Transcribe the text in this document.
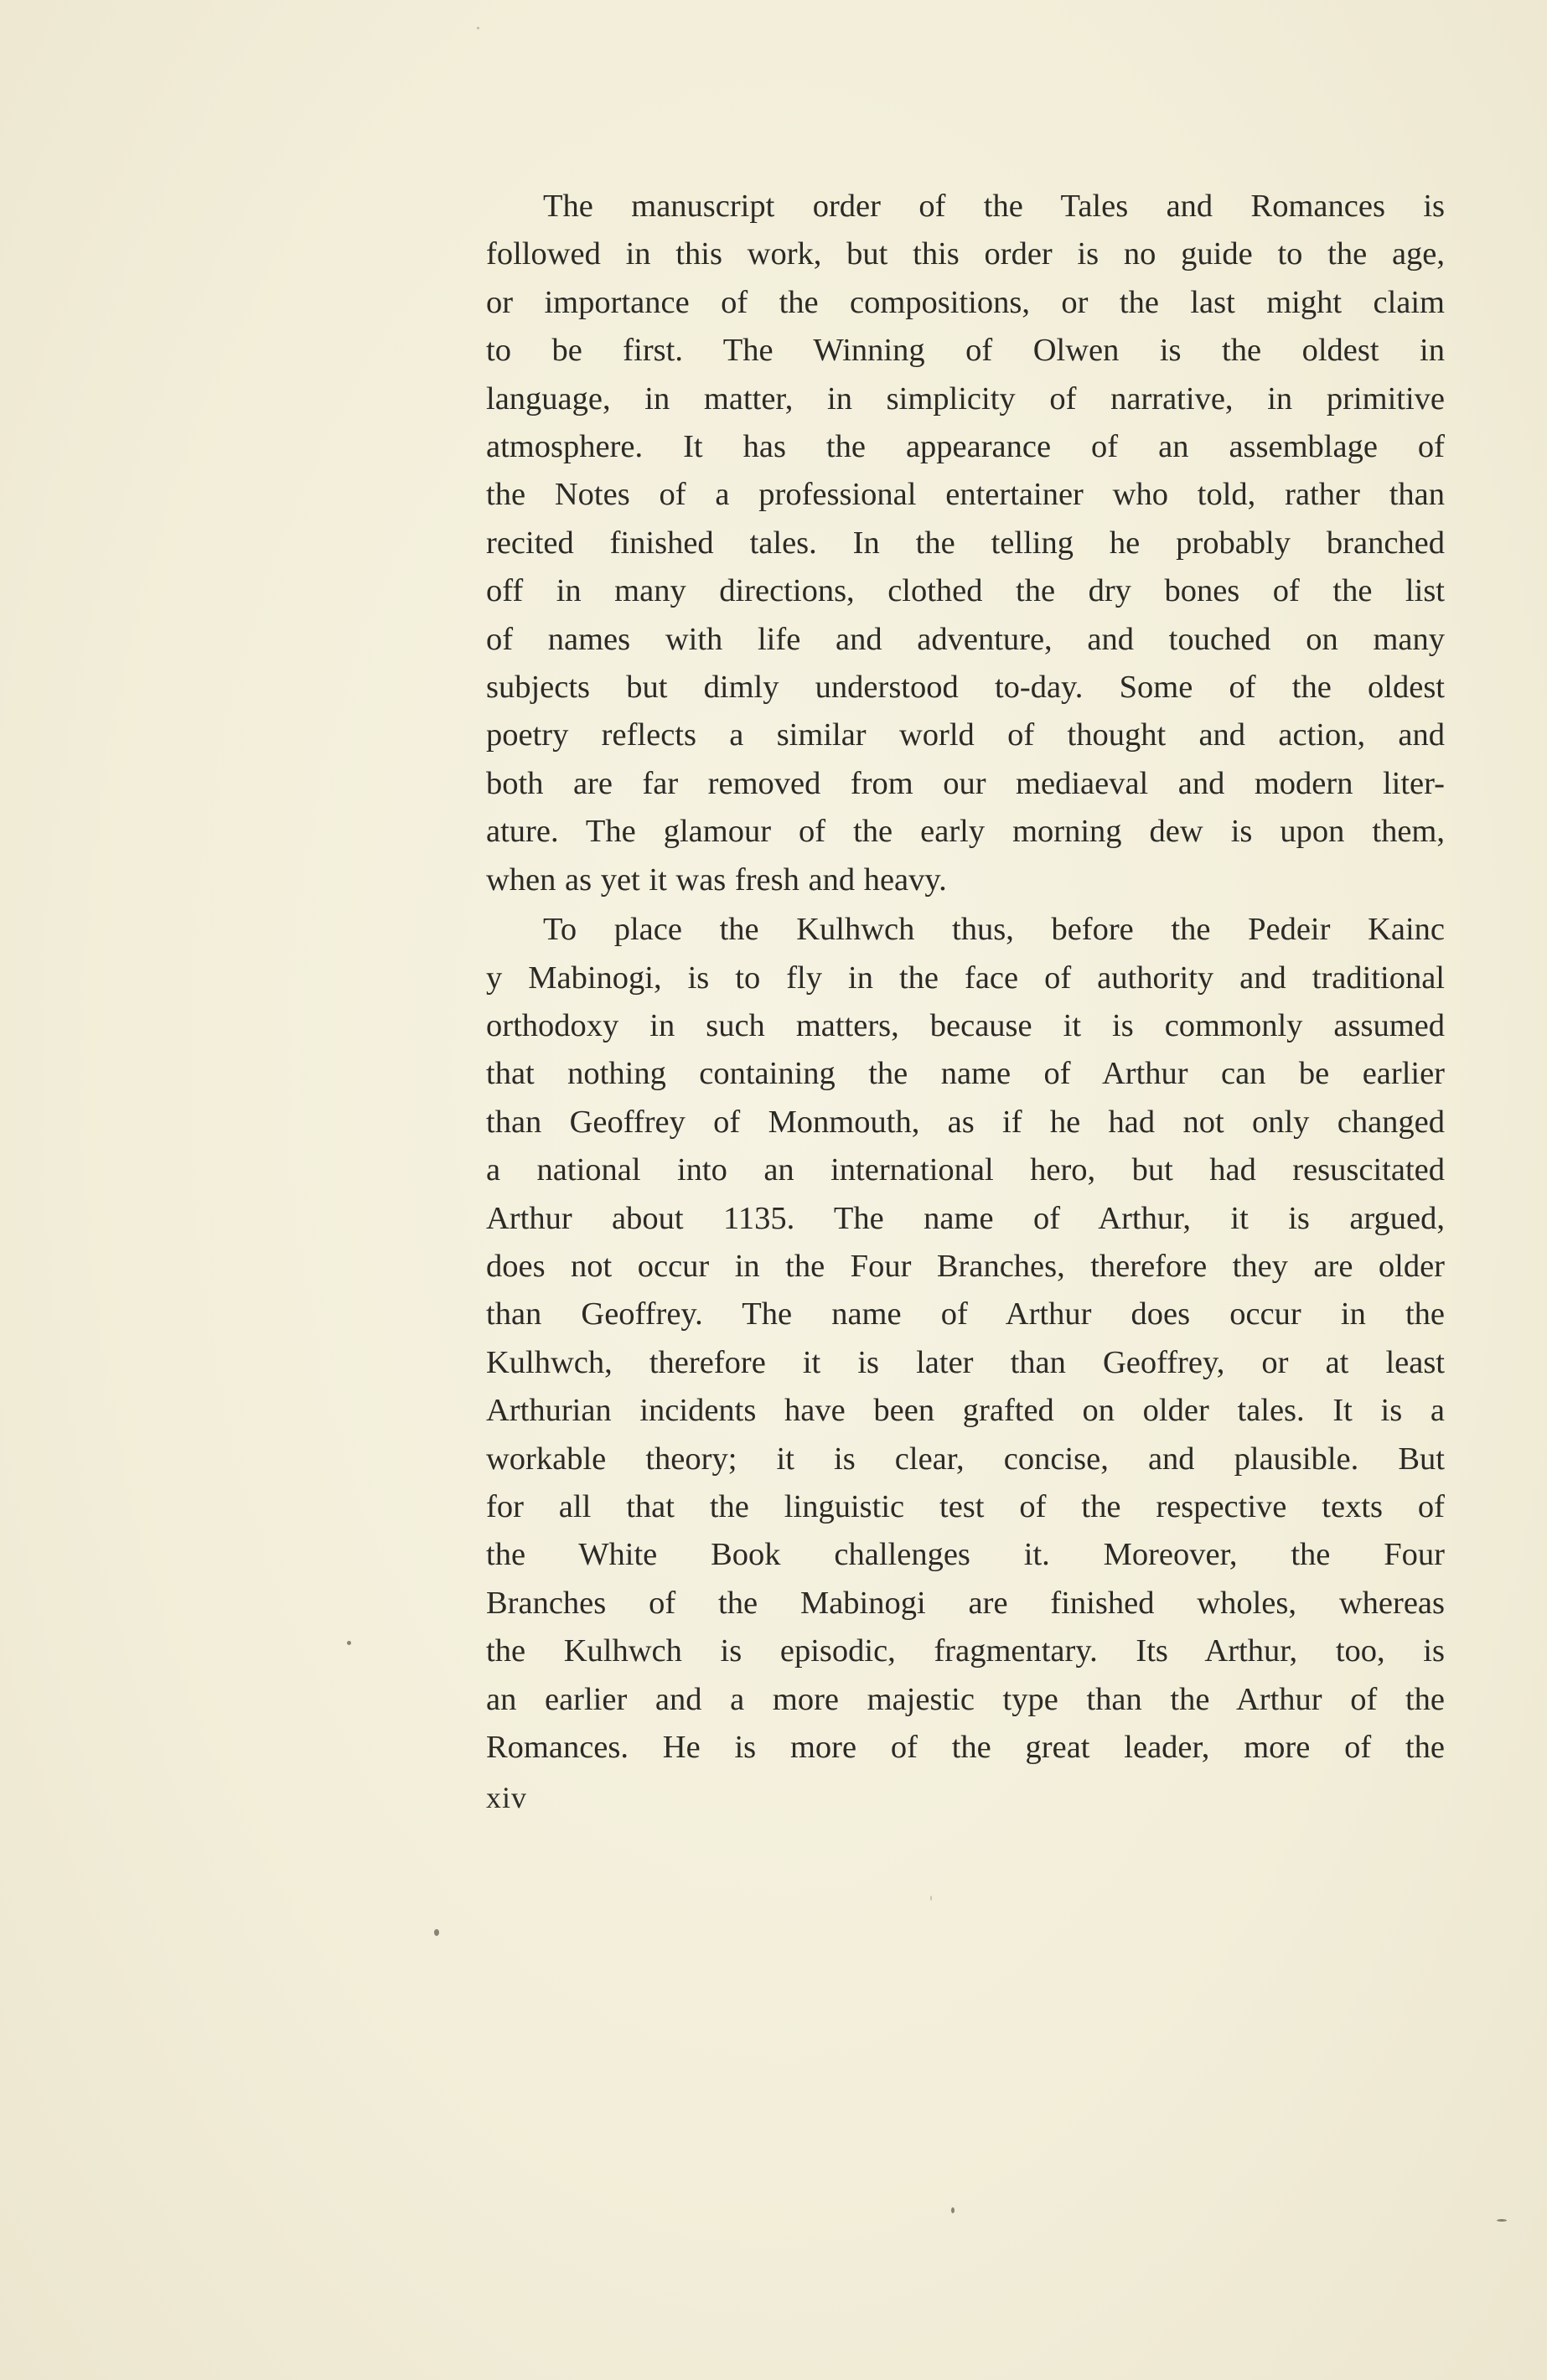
The manuscript order of the Tales and Romances is
followed in this work, but this order is no guide to the age,
or importance of the compositions, or the last might claim
to be first. The Winning of Olwen is the oldest in
language, in matter, in simplicity of narrative, in primitive
atmosphere. It has the appearance of an assemblage of
the Notes of a professional entertainer who told, rather than
recited finished tales. In the telling he probably branched
off in many directions, clothed the dry bones of the list
of names with life and adventure, and touched on many
subjects but dimly understood to-day. Some of the oldest
poetry reflects a similar world of thought and action, and
both are far removed from our mediaeval and modern liter-
ature. The glamour of the early morning dew is upon them,
when as yet it was fresh and heavy.

To place the Kulhwch thus, before the Pedeir Kainc
y Mabinogi, is to fly in the face of authority and traditional
orthodoxy in such matters, because it is commonly assumed
that nothing containing the name of Arthur can be earlier
than Geoffrey of Monmouth, as if he had not only changed
a national into an international hero, but had resuscitated
Arthur about 1135. The name of Arthur, it is argued,
does not occur in the Four Branches, therefore they are older
than Geoffrey. The name of Arthur does occur in the
Kulhwch, therefore it is later than Geoffrey, or at least
Arthurian incidents have been grafted on older tales. It is a
workable theory; it is clear, concise, and plausible. But
for all that the linguistic test of the respective texts of
the White Book challenges it. Moreover, the Four
Branches of the Mabinogi are finished wholes, whereas
the Kulhwch is episodic, fragmentary. Its Arthur, too, is
an earlier and a more majestic type than the Arthur of the
Romances. He is more of the great leader, more of the

xiv
